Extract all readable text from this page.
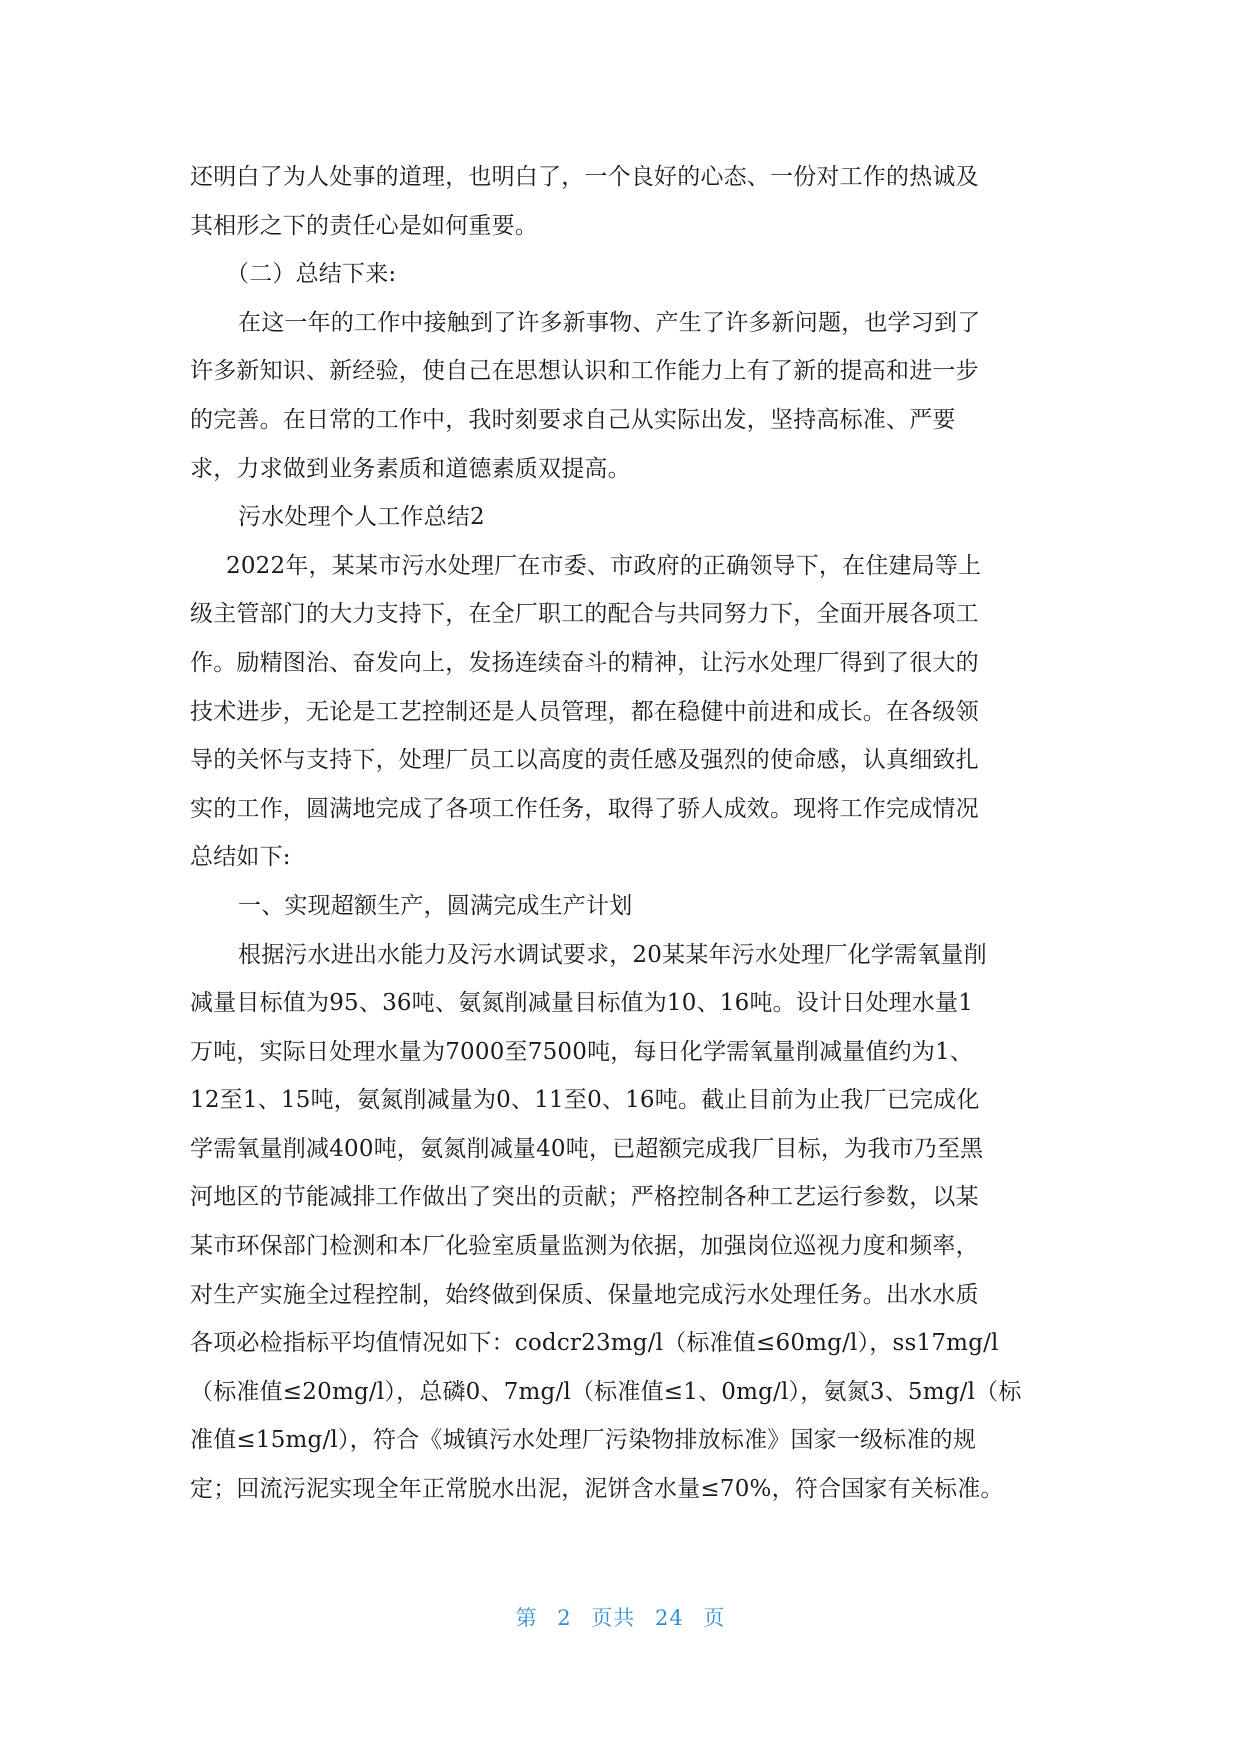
还明白了为人处事的道理，也明白了，一个良好的心态、一份对工作的热诚及
其相形之下的责任心是如何重要。
（二）总结下来:
在这一年的工作中接触到了许多新事物、产生了许多新问题，也学习到了
许多新知识、新经验，使自己在思想认识和工作能力上有了新的提高和进一步
的完善。在日常的工作中，我时刻要求自己从实际出发，坚持高标准、严要
求，力求做到业务素质和道德素质双提高。
污水处理个人工作总结2
2022年，某某市污水处理厂在市委、市政府的正确领导下，在住建局等上
级主管部门的大力支持下，在全厂职工的配合与共同努力下，全面开展各项工
作。励精图治、奋发向上，发扬连续奋斗的精神，让污水处理厂得到了很大的
技术进步，无论是工艺控制还是人员管理，都在稳健中前进和成长。在各级领
导的关怀与支持下，处理厂员工以高度的责任感及强烈的使命感，认真细致扎
实的工作，圆满地完成了各项工作任务，取得了骄人成效。现将工作完成情况
总结如下:
一、实现超额生产，圆满完成生产计划
根据污水进出水能力及污水调试要求，20某某年污水处理厂化学需氧量削
减量目标值为95、36吨、氨氮削减量目标值为10、16吨。设计日处理水量1
万吨，实际日处理水量为7000至7500吨，每日化学需氧量削减量值约为1、
12至1、15吨，氨氮削减量为0、11至0、16吨。截止目前为止我厂已完成化
学需氧量削减400吨，氨氮削减量40吨，已超额完成我厂目标，为我市乃至黑
河地区的节能减排工作做出了突出的贡献；严格控制各种工艺运行参数，以某
某市环保部门检测和本厂化验室质量监测为依据，加强岗位巡视力度和频率，
对生产实施全过程控制，始终做到保质、保量地完成污水处理任务。出水水质
各项必检指标平均值情况如下：codcr23mg/l（标准值≤60mg/l），ss17mg/l
（标准值≤20mg/l），总磷0、7mg/l（标准值≤1、0mg/l），氨氮3、5mg/l（标
准值≤15mg/l），符合《城镇污水处理厂污染物排放标准》国家一级标准的规
定；回流污泥实现全年正常脱水出泥，泥饼含水量≤70%，符合国家有关标准。
第 2 页共 24 页
